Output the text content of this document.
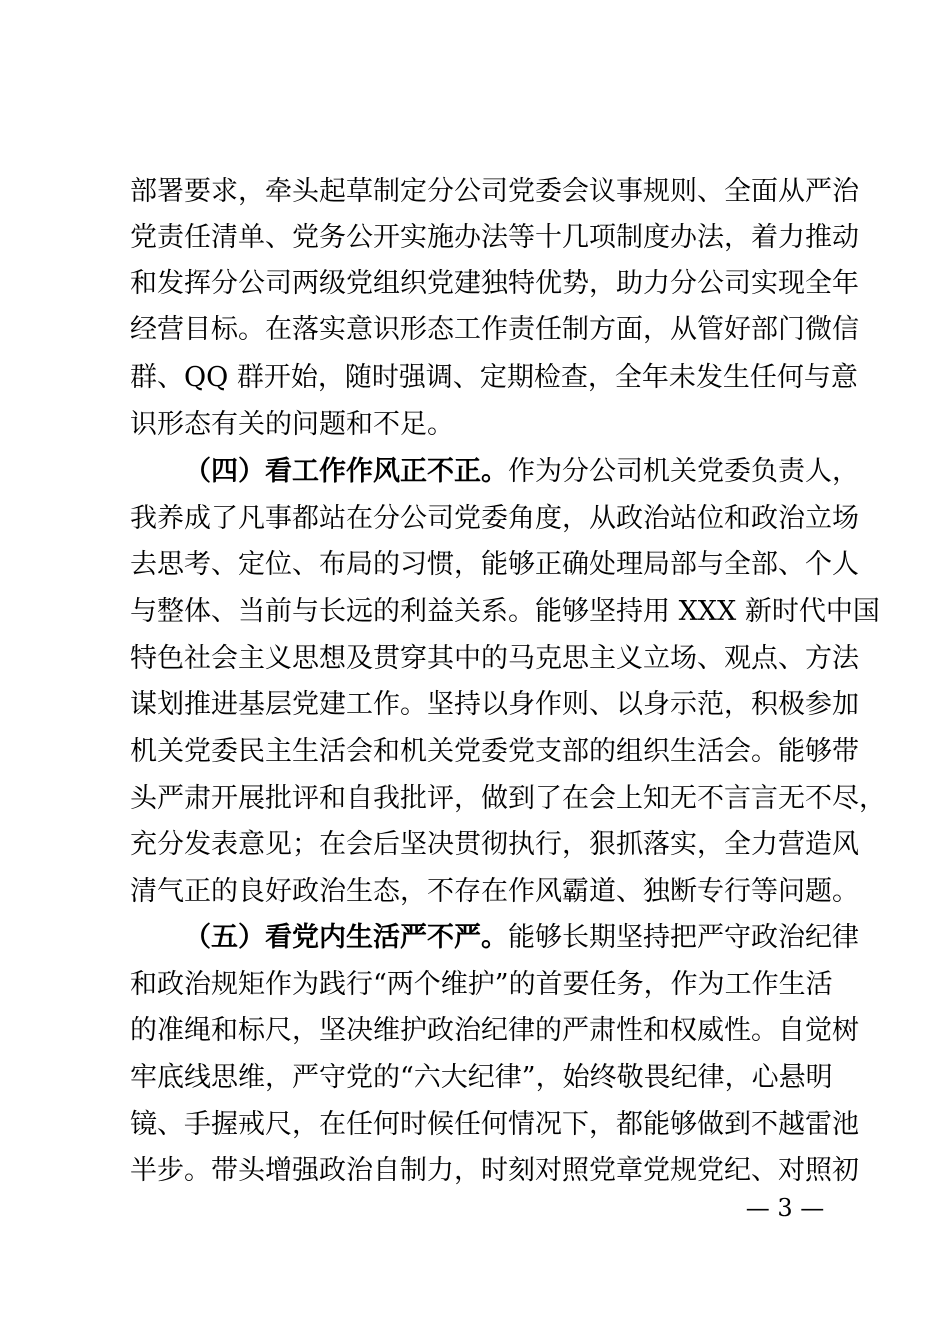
部署要求，牵头起草制定分公司党委会议事规则、全面从严治
党责任清单、党务公开实施办法等十几项制度办法，着力推动
和发挥分公司两级党组织党建独特优势，助力分公司实现全年
经营目标。在落实意识形态工作责任制方面，从管好部门微信
群、QQ 群开始，随时强调、定期检查，全年未发生任何与意
识形态有关的问题和不足。
（四）看工作作风正不正。作为分公司机关党委负责人，
我养成了凡事都站在分公司党委角度，从政治站位和政治立场
去思考、定位、布局的习惯，能够正确处理局部与全部、个人
与整体、当前与长远的利益关系。能够坚持用 XXX 新时代中国
特色社会主义思想及贯穿其中的马克思主义立场、观点、方法
谋划推进基层党建工作。坚持以身作则、以身示范，积极参加
机关党委民主生活会和机关党委党支部的组织生活会。能够带
头严肃开展批评和自我批评，做到了在会上知无不言言无不尽，
充分发表意见；在会后坚决贯彻执行，狠抓落实，全力营造风
清气正的良好政治生态，不存在作风霸道、独断专行等问题。
（五）看党内生活严不严。能够长期坚持把严守政治纪律
和政治规矩作为践行“两个维护”的首要任务，作为工作生活
的准绳和标尺，坚决维护政治纪律的严肃性和权威性。自觉树
牢底线思维，严守党的“六大纪律”，始终敬畏纪律，心悬明
镜、手握戒尺，在任何时候任何情况下，都能够做到不越雷池
半步。带头增强政治自制力，时刻对照党章党规党纪、对照初
— 3 —
